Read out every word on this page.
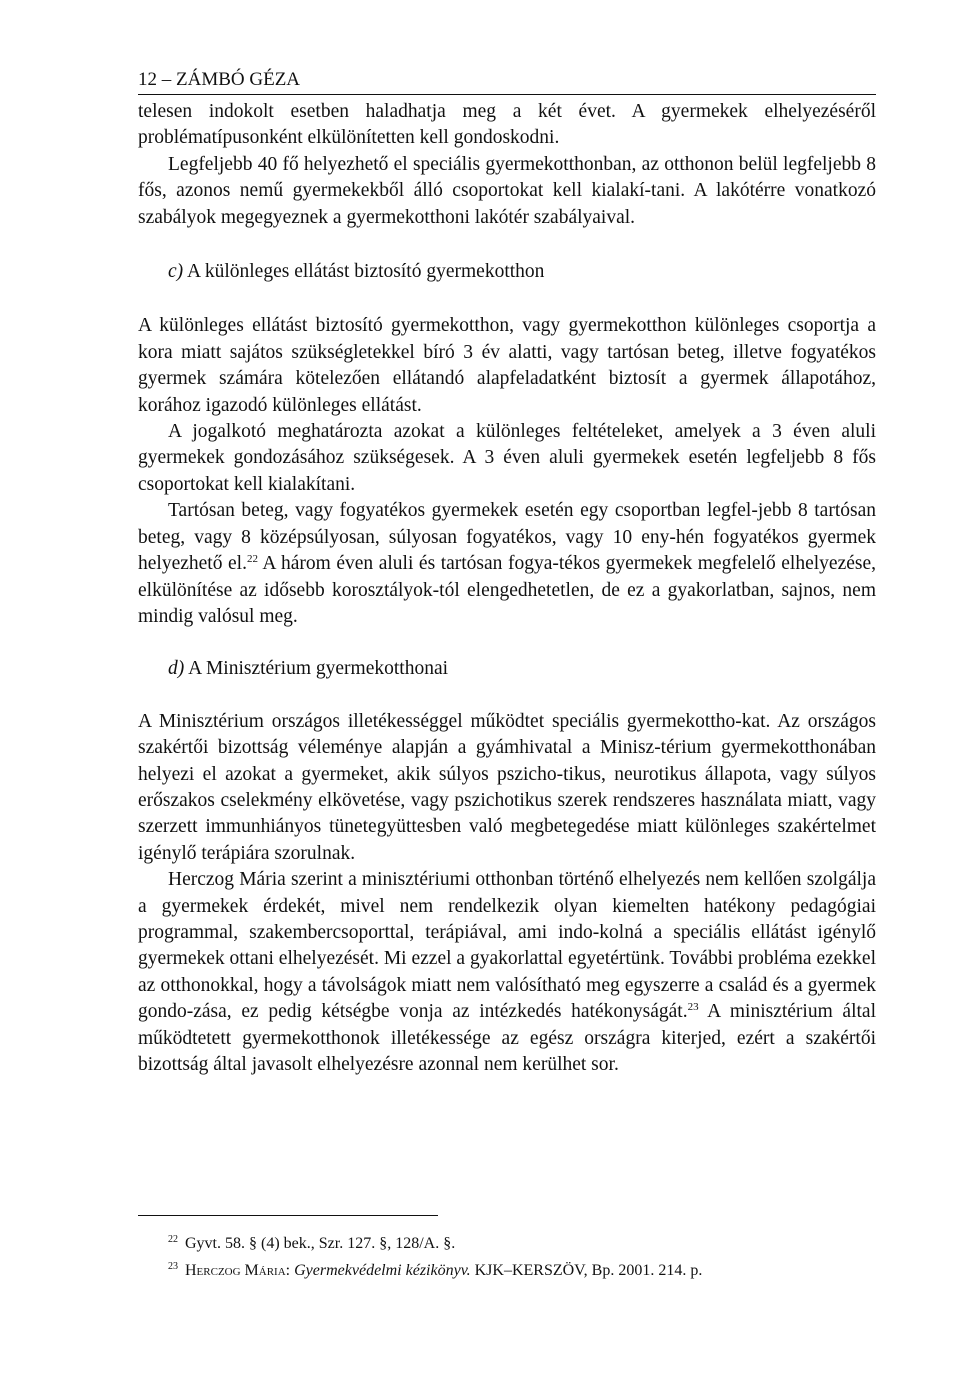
12 – ZÁMBÓ GÉZA

telesen indokolt esetben haladhatja meg a két évet. A gyermekek elhelyezéséről problématípusonként elkülönítetten kell gondoskodni.

Legfeljebb 40 fő helyezhető el speciális gyermekotthonban, az otthonon belül legfeljebb 8 fős, azonos nemű gyermekekből álló csoportokat kell kialakí-tani. A lakótérre vonatkozó szabályok megegyeznek a gyermekotthoni lakótér szabályaival.

c) A különleges ellátást biztosító gyermekotthon

A különleges ellátást biztosító gyermekotthon, vagy gyermekotthon különleges csoportja a kora miatt sajátos szükségletekkel bíró 3 év alatti, vagy tartósan beteg, illetve fogyatékos gyermek számára kötelezően ellátandó alapfeladatként biztosít a gyermek állapotához, korához igazodó különleges ellátást.

A jogalkotó meghatározta azokat a különleges feltételeket, amelyek a 3 éven aluli gyermekek gondozásához szükségesek. A 3 éven aluli gyermekek esetén legfeljebb 8 fős csoportokat kell kialakítani.

Tartósan beteg, vagy fogyatékos gyermekek esetén egy csoportban legfel-jebb 8 tartósan beteg, vagy 8 középsúlyosan, súlyosan fogyatékos, vagy 10 eny-hén fogyatékos gyermek helyezhető el.$^{22}$ A három éven aluli és tartósan fogya-tékos gyermekek megfelelő elhelyezése, elkülönítése az idősebb korosztályok-tól elengedhetetlen, de ez a gyakorlatban, sajnos, nem mindig valósul meg.

d) A Minisztérium gyermekotthonai

A Minisztérium országos illetékességgel működtet speciális gyermekottho-kat. Az országos szakértői bizottság véleménye alapján a gyámhivatal a Minisz-térium gyermekotthonában helyezi el azokat a gyermeket, akik súlyos pszicho-tikus, neurotikus állapota, vagy súlyos erőszakos cselekmény elkövetése, vagy pszichotikus szerek rendszeres használata miatt, vagy szerzett immunhiányos tünetegyüttesben való megbetegedése miatt különleges szakértelmet igénylő terápiára szorulnak.

Herczog Mária szerint a minisztériumi otthonban történő elhelyezés nem kellően szolgálja a gyermekek érdekét, mivel nem rendelkezik olyan kiemelten hatékony pedagógiai programmal, szakembercsoporttal, terápiával, ami indo-kolná a speciális ellátást igénylő gyermekek ottani elhelyezését. Mi ezzel a gyakorlattal egyetértünk. További probléma ezekkel az otthonokkal, hogy a távolságok miatt nem valósítható meg egyszerre a család és a gyermek gondo-zása, ez pedig kétségbe vonja az intézkedés hatékonyságát.$^{23}$ A minisztérium által működtetett gyermekotthonok illetékessége az egész országra kiterjed, ezért a szakértői bizottság által javasolt elhelyezésre azonnal nem kerülhet sor.

$^{22}$ Gyvt. 58. § (4) bek., Szr. 127. §, 128/A. §.

$^{23}$ Herczog Mária: Gyermekvédelmi kézikönyv. KJK–KERSZÖV, Bp. 2001. 214. p.
